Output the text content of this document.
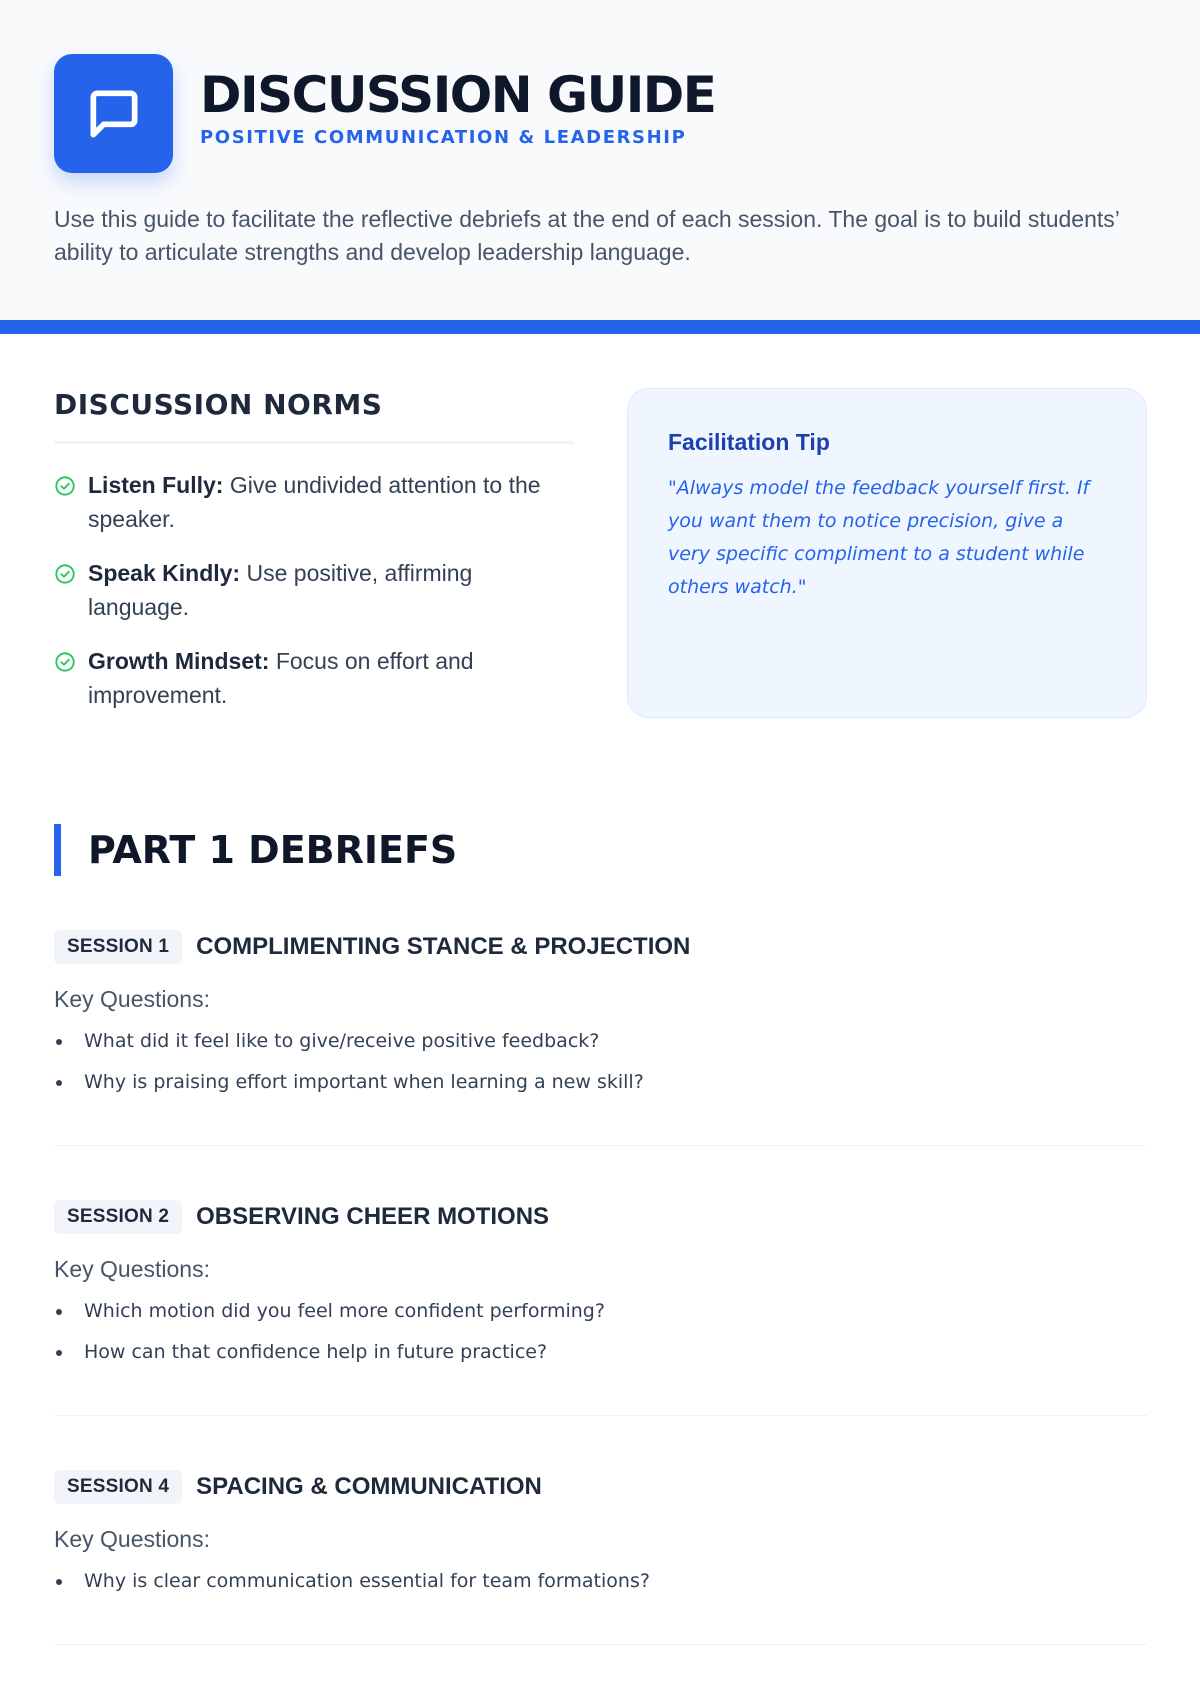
DISCUSSION GUIDE
POSITIVE COMMUNICATION & LEADERSHIP

Use this guide to facilitate the reflective debriefs at the end of each session. The goal is to build students’ ability to articulate strengths and develop leadership language.

DISCUSSION NORMS
Listen Fully: Give undivided attention to the speaker.
Speak Kindly: Use positive, affirming language.
Growth Mindset: Focus on effort and improvement.
Facilitation Tip

"Always model the feedback yourself first. If you want them to notice precision, give a very specific compliment to a student while others watch."

PART 1 DEBRIEFS
SESSION 1	COMPLIMENTING STANCE & PROJECTION
Key Questions:
What did it feel like to give/receive positive feedback?
Why is praising effort important when learning a new skill?
SESSION 2	OBSERVING CHEER MOTIONS
Key Questions:
Which motion did you feel more confident performing?
How can that confidence help in future practice?
SESSION 4	SPACING & COMMUNICATION
Key Questions:
Why is clear communication essential for team formations?
